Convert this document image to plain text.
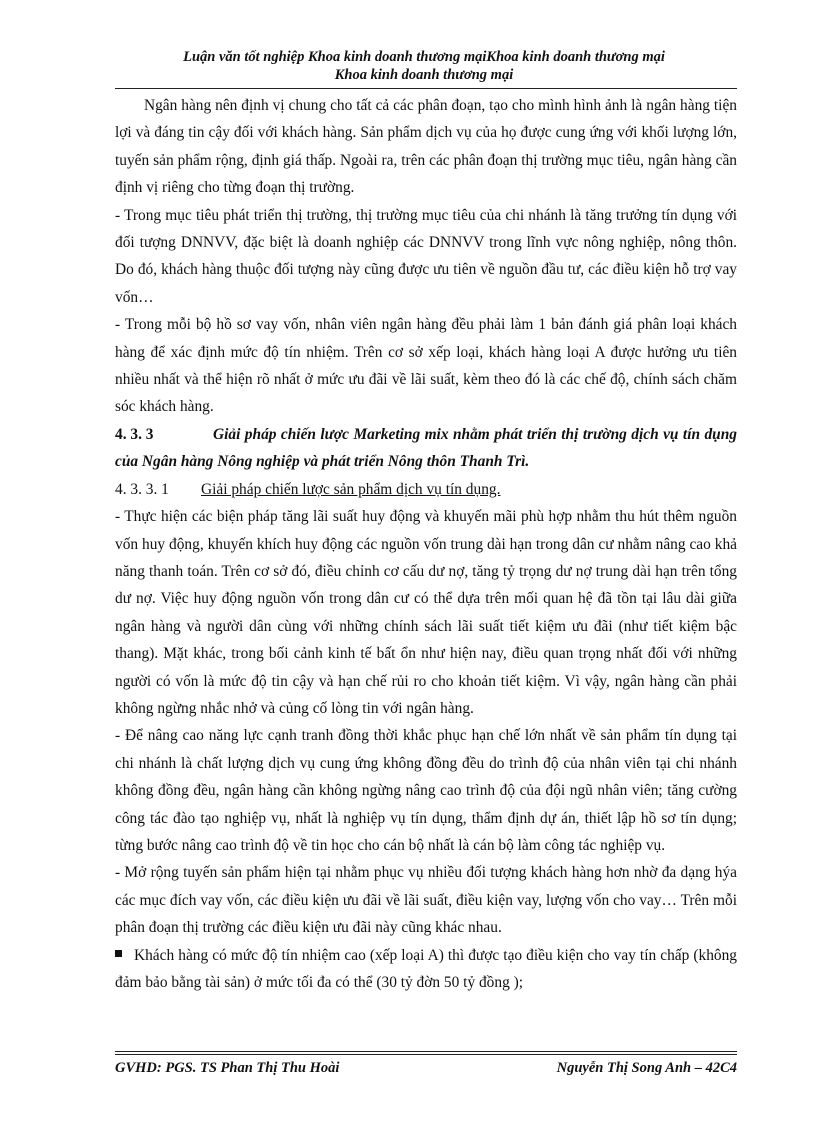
Luận văn tốt nghiệp Khoa kinh doanh thương mạiKhoa kinh doanh thương mại
Khoa kinh doanh thương mại

Ngân hàng nên định vị chung cho tất cả các phân đoạn, tạo cho mình hình ảnh là ngân hàng tiện lợi và đáng tin cậy đối với khách hàng. Sản phẩm dịch vụ của họ được cung ứng với khối lượng lớn, tuyến sản phẩm rộng, định giá thấp. Ngoài ra, trên các phân đoạn thị trường mục tiêu, ngân hàng cần định vị riêng cho từng đoạn thị trường.

- Trong mục tiêu phát triển thị trường, thị trường mục tiêu của chi nhánh là tăng trưởng tín dụng với đối tượng DNNVV, đặc biệt là doanh nghiệp các DNNVV trong lĩnh vực nông nghiệp, nông thôn. Do đó, khách hàng thuộc đối tượng này cũng được ưu tiên về nguồn đầu tư, các điều kiện hỗ trợ vay vốn…

- Trong mỗi bộ hồ sơ vay vốn, nhân viên ngân hàng đều phải làm 1 bản đánh giá phân loại khách hàng để xác định mức độ tín nhiệm. Trên cơ sở xếp loại, khách hàng loại A được hưởng ưu tiên nhiều nhất và thể hiện rõ nhất ở mức ưu đãi về lãi suất, kèm theo đó là các chế độ, chính sách chăm sóc khách hàng.

4. 3. 3	Giải pháp chiến lược Marketing mix nhằm phát triển thị trường dịch vụ tín dụng của Ngân hàng Nông nghiệp và phát triển Nông thôn Thanh Trì.

4. 3. 3. 1 Giải pháp chiến lược sản phẩm dịch vụ tín dụng.

- Thực hiện các biện pháp tăng lãi suất huy động và khuyến mãi phù hợp nhằm thu hút thêm nguồn vốn huy động, khuyến khích huy động các nguồn vốn trung dài hạn trong dân cư nhằm nâng cao khả năng thanh toán. Trên cơ sở đó, điều chỉnh cơ cấu dư nợ, tăng tỷ trọng dư nợ trung dài hạn trên tổng dư nợ. Việc huy động nguồn vốn trong dân cư có thể dựa trên mối quan hệ đã tồn tại lâu dài giữa ngân hàng và người dân cùng với những chính sách lãi suất tiết kiệm ưu đãi (như tiết kiệm bậc thang). Mặt khác, trong bối cảnh kinh tế bất ổn như hiện nay, điều quan trọng nhất đối với những người có vốn là mức độ tin cậy và hạn chế rủi ro cho khoản tiết kiệm. Vì vậy, ngân hàng cần phải không ngừng nhắc nhở và củng cố lòng tin với ngân hàng.

- Để nâng cao năng lực cạnh tranh đồng thời khắc phục hạn chế lớn nhất về sản phẩm tín dụng tại chi nhánh là chất lượng dịch vụ cung ứng không đồng đều do trình độ của nhân viên tại chi nhánh không đồng đều, ngân hàng cần không ngừng nâng cao trình độ của đội ngũ nhân viên; tăng cường công tác đào tạo nghiệp vụ, nhất là nghiệp vụ tín dụng, thẩm định dự án, thiết lập hồ sơ tín dụng; từng bước nâng cao trình độ về tin học cho cán bộ nhất là cán bộ làm công tác nghiệp vụ.

- Mở rộng tuyến sản phẩm hiện tại nhằm phục vụ nhiều đối tượng khách hàng hơn nhờ đa dạng hýa các mục đích vay vốn, các điều kiện ưu đãi về lãi suất, điều kiện vay, lượng vốn cho vay… Trên mỗi phân đoạn thị trường các điều kiện ưu đãi này cũng khác nhau.

Khách hàng có mức độ tín nhiệm cao (xếp loại A) thì được tạo điều kiện cho vay tín chấp (không đảm bảo bằng tài sản) ở mức tối đa có thể (30 tỷ đờn 50 tỷ đồng );

GVHD: PGS. TS Phan Thị Thu Hoài	Nguyễn Thị Song Anh – 42C4
